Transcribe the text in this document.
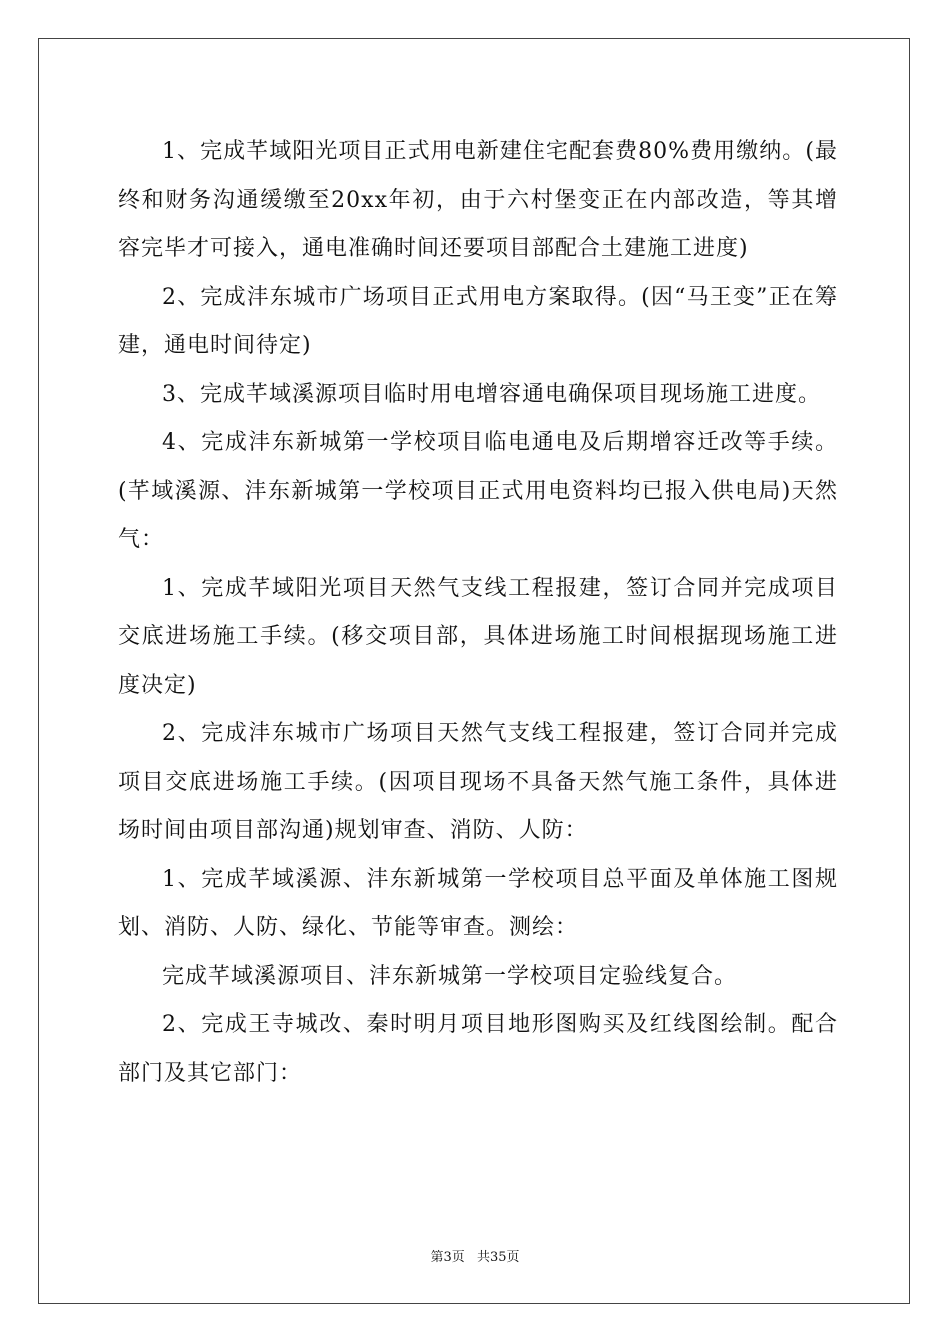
1、完成芊域阳光项目正式用电新建住宅配套费80%费用缴纳。(最终和财务沟通缓缴至20xx年初，由于六村堡变正在内部改造，等其增容完毕才可接入，通电准确时间还要项目部配合土建施工进度)

2、完成沣东城市广场项目正式用电方案取得。(因“马王变”正在筹建，通电时间待定)

3、完成芊域溪源项目临时用电增容通电确保项目现场施工进度。

4、完成沣东新城第一学校项目临电通电及后期增容迁改等手续。(芊域溪源、沣东新城第一学校项目正式用电资料均已报入供电局)天然气：

1、完成芊域阳光项目天然气支线工程报建，签订合同并完成项目交底进场施工手续。(移交项目部，具体进场施工时间根据现场施工进度决定)

2、完成沣东城市广场项目天然气支线工程报建，签订合同并完成项目交底进场施工手续。(因项目现场不具备天然气施工条件，具体进场时间由项目部沟通)规划审查、消防、人防：

1、完成芊域溪源、沣东新城第一学校项目总平面及单体施工图规划、消防、人防、绿化、节能等审查。测绘：

完成芊域溪源项目、沣东新城第一学校项目定验线复合。

2、完成王寺城改、秦时明月项目地形图购买及红线图绘制。配合部门及其它部门：

第3页 共35页
